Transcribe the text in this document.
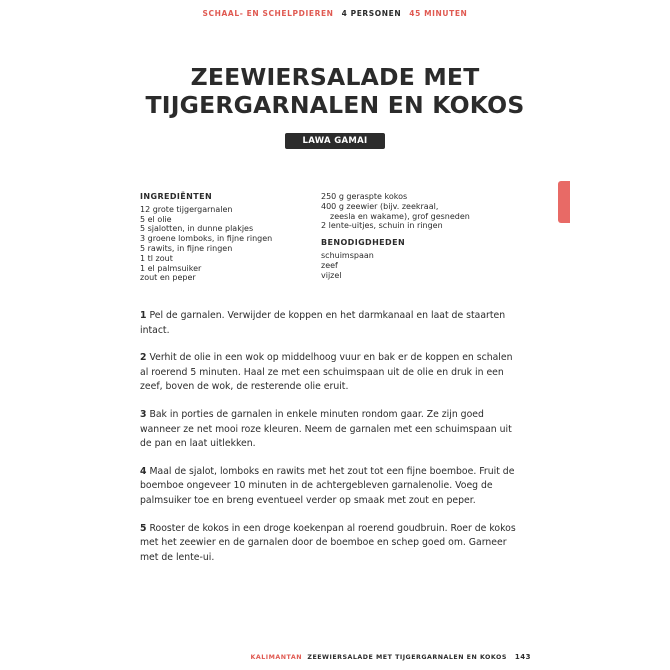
SCHAAL- EN SCHELPDIEREN 4 PERSONEN 45 MINUTEN
ZEEWIERSALADE MET
TIJGERGARNALEN EN KOKOS
LAWA GAMAI
INGREDIËNTEN
12 grote tijgergarnalen
5 el olie
5 sjalotten, in dunne plakjes
3 groene lomboks, in fijne ringen
5 rawits, in fijne ringen
1 tl zout
1 el palmsuiker
zout en peper
250 g geraspte kokos
400 g zeewier (bijv. zeekraal,
zeesla en wakame), grof gesneden
2 lente-uitjes, schuin in ringen
BENODIGDHEDEN
schuimspaan
zeef
vijzel

1 Pel de garnalen. Verwijder de koppen en het darmkanaal en laat de staarten intact.

2 Verhit de olie in een wok op middelhoog vuur en bak er de koppen en schalen al roerend 5 minuten. Haal ze met een schuimspaan uit de olie en druk in een zeef, boven de wok, de resterende olie eruit.

3 Bak in porties de garnalen in enkele minuten rondom gaar. Ze zijn goed wanneer ze net mooi roze kleuren. Neem de garnalen met een schuimspaan uit de pan en laat uitlekken.

4 Maal de sjalot, lomboks en rawits met het zout tot een fijne boemboe. Fruit de boemboe ongeveer 10 minuten in de achtergebleven garnalenolie. Voeg de palmsuiker toe en breng eventueel verder op smaak met zout en peper.

5 Rooster de kokos in een droge koekenpan al roerend goudbruin. Roer de kokos met het zeewier en de garnalen door de boemboe en schep goed om. Garneer met de lente-ui.

KALIMANTAN ZEEWIERSALADE MET TIJGERGARNALEN EN KOKOS 143
